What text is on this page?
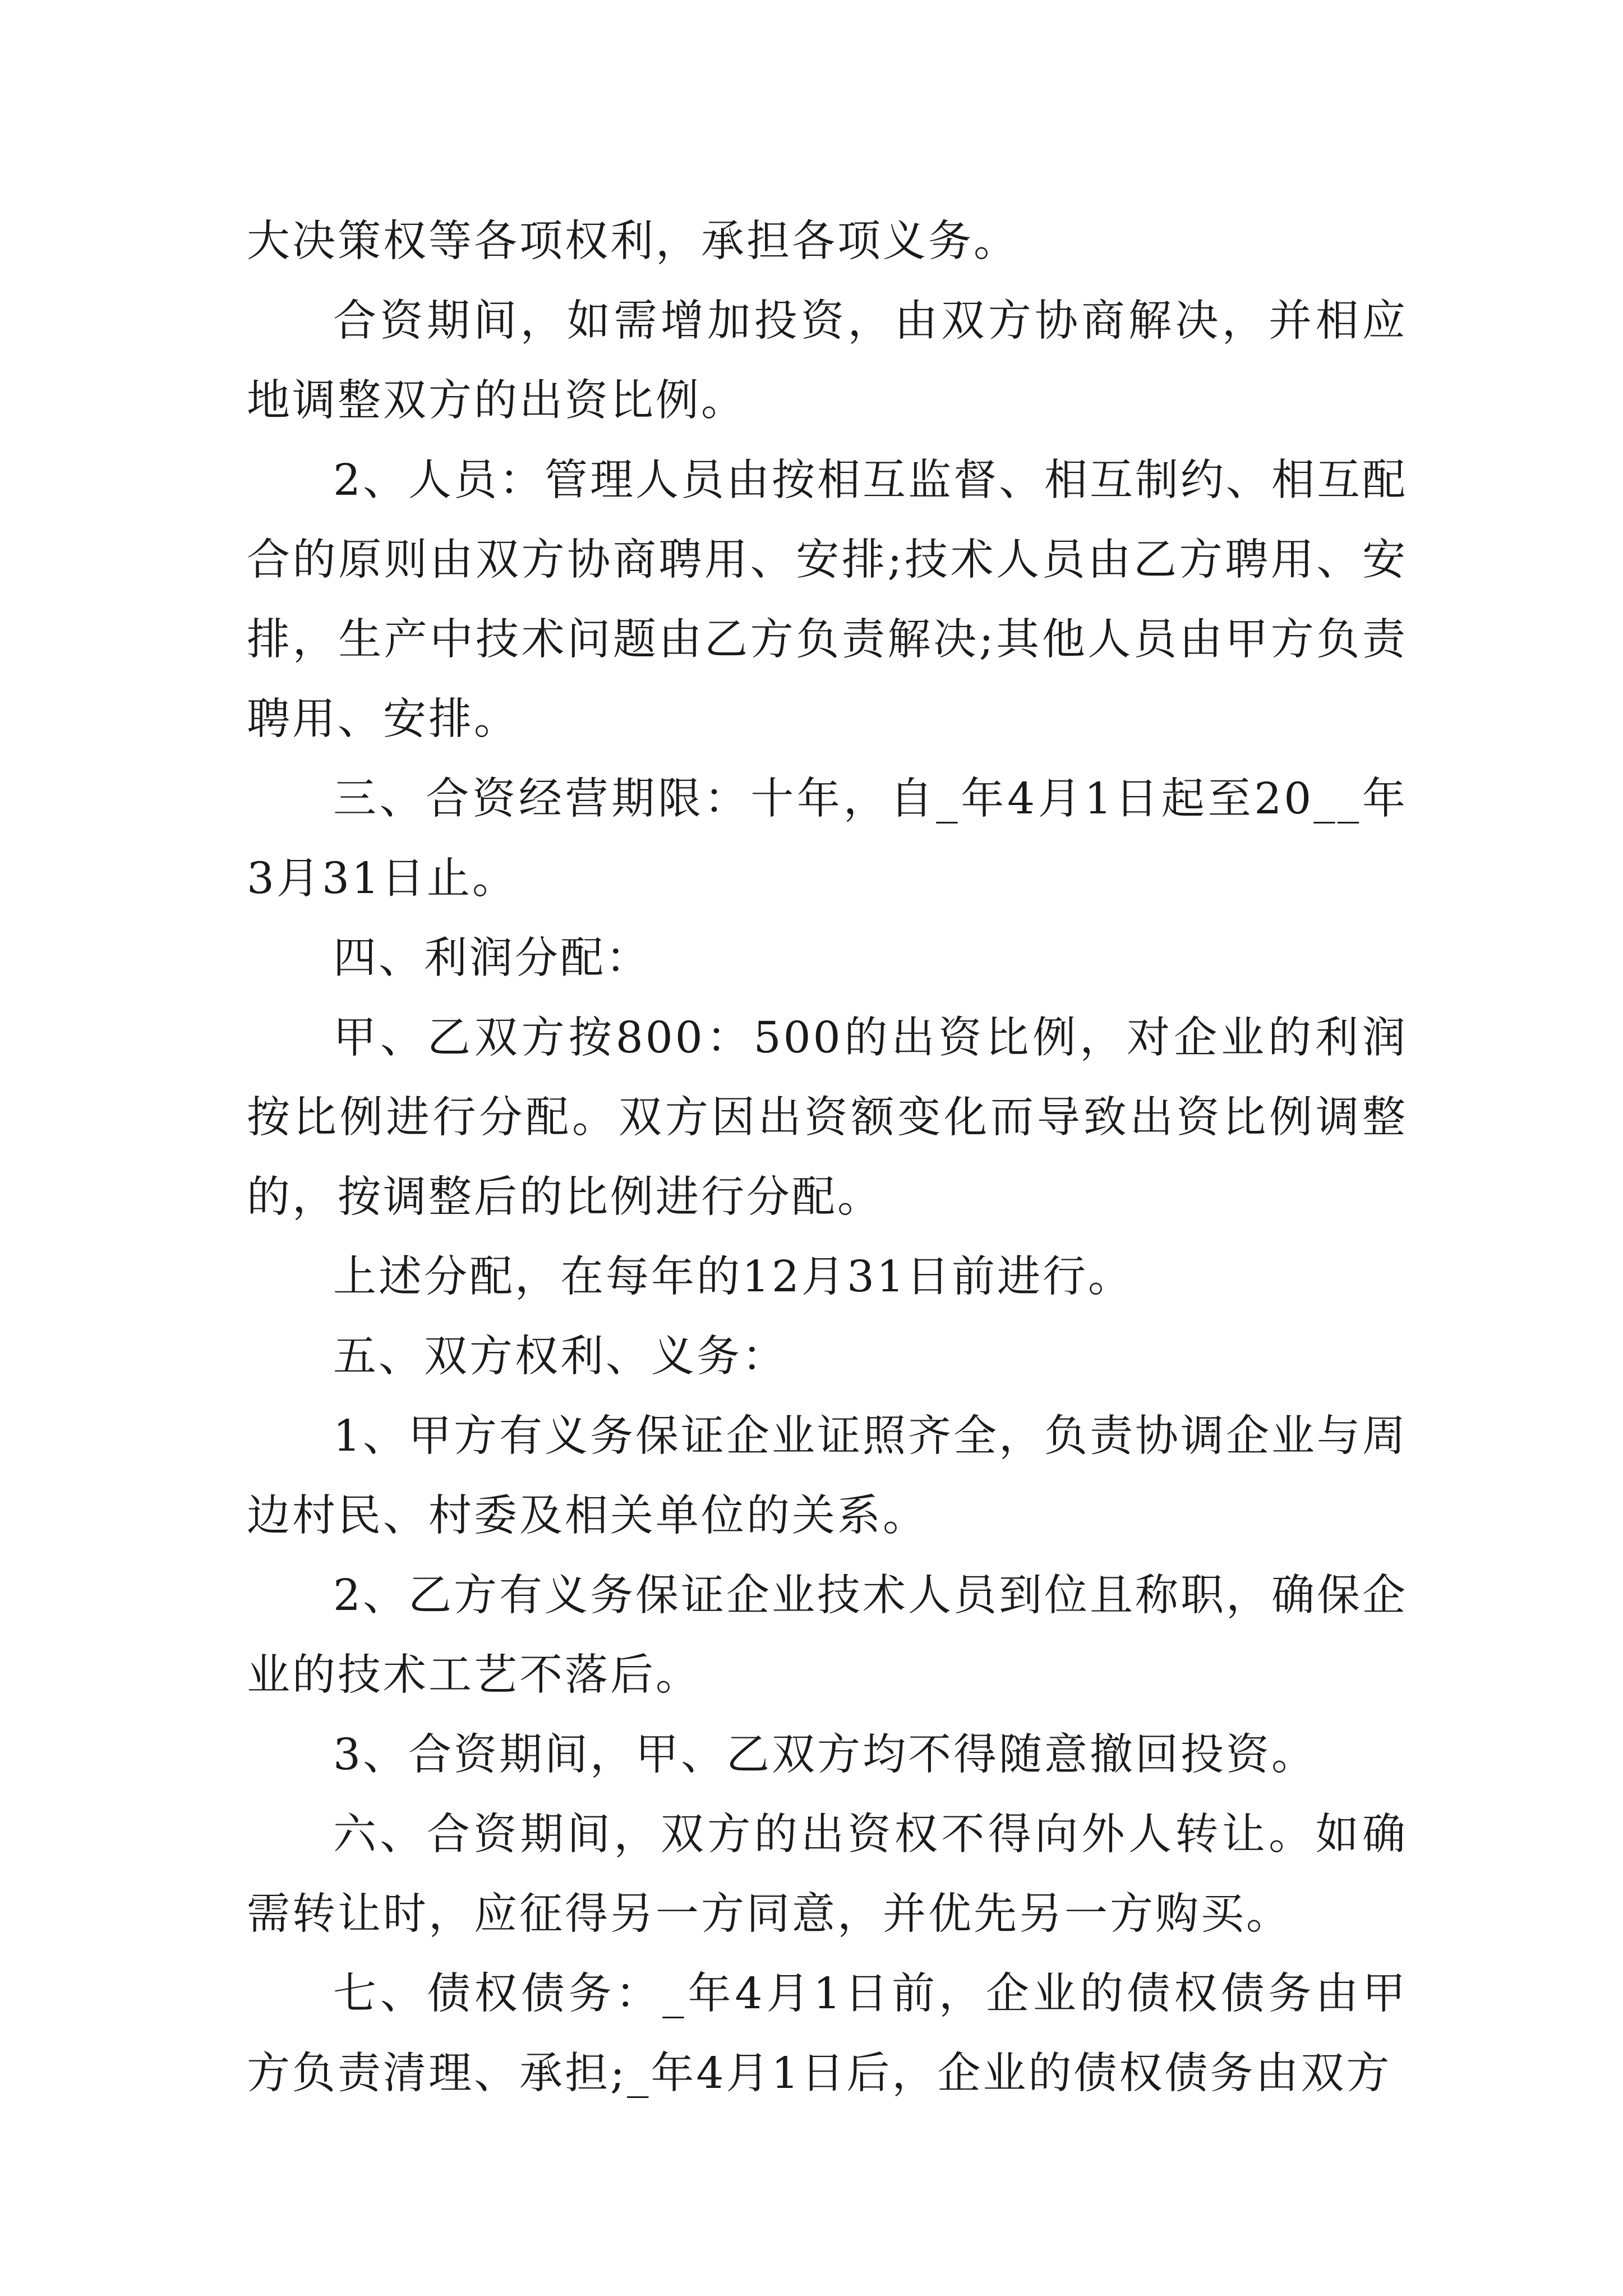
大决策权等各项权利，承担各项义务。

合资期间，如需增加投资，由双方协商解决，并相应地调整双方的出资比例。

2、人员：管理人员由按相互监督、相互制约、相互配合的原则由双方协商聘用、安排;技术人员由乙方聘用、安排，生产中技术问题由乙方负责解决;其他人员由甲方负责聘用、安排。

三、合资经营期限：十年，自_年4月1日起至20__年3月31日止。

四、利润分配：

甲、乙双方按800：500的出资比例，对企业的利润按比例进行分配。双方因出资额变化而导致出资比例调整的，按调整后的比例进行分配。

上述分配，在每年的12月31日前进行。

五、双方权利、义务：

1、甲方有义务保证企业证照齐全，负责协调企业与周边村民、村委及相关单位的关系。

2、乙方有义务保证企业技术人员到位且称职，确保企业的技术工艺不落后。

3、合资期间，甲、乙双方均不得随意撤回投资。

六、合资期间，双方的出资权不得向外人转让。如确需转让时，应征得另一方同意，并优先另一方购买。

七、债权债务：_年4月1日前，企业的债权债务由甲方负责清理、承担;_年4月1日后，企业的债权债务由双方
